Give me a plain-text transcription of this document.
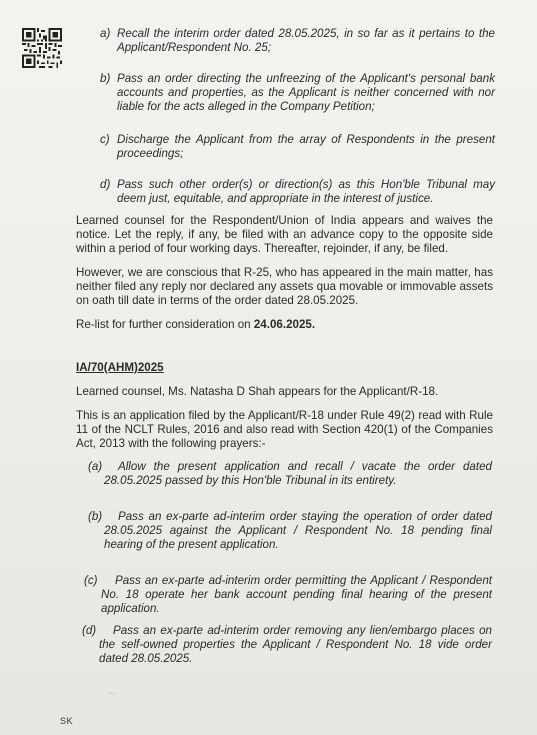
a) Recall the interim order dated 28.05.2025, in so far as it pertains to the Applicant/Respondent No. 25;
b) Pass an order directing the unfreezing of the Applicant's personal bank accounts and properties, as the Applicant is neither concerned with nor liable for the acts alleged in the Company Petition;
c) Discharge the Applicant from the array of Respondents in the present proceedings;
d) Pass such other order(s) or direction(s) as this Hon'ble Tribunal may deem just, equitable, and appropriate in the interest of justice.
Learned counsel for the Respondent/Union of India appears and waives the notice. Let the reply, if any, be filed with an advance copy to the opposite side within a period of four working days. Thereafter, rejoinder, if any, be filed.
However, we are conscious that R-25, who has appeared in the main matter, has neither filed any reply nor declared any assets qua movable or immovable assets on oath till date in terms of the order dated 28.05.2025.
Re-list for further consideration on 24.06.2025.
IA/70(AHM)2025
Learned counsel, Ms. Natasha D Shah appears for the Applicant/R-18.
This is an application filed by the Applicant/R-18 under Rule 49(2) read with Rule 11 of the NCLT Rules, 2016 and also read with Section 420(1) of the Companies Act, 2013 with the following prayers:-
(a)	Allow the present application and recall / vacate the order dated 28.05.2025 passed by this Hon'ble Tribunal in its entirety.
(b)	Pass an ex-parte ad-interim order staying the operation of order dated 28.05.2025 against the Applicant / Respondent No. 18 pending final hearing of the present application.
(c)	Pass an ex-parte ad-interim order permitting the Applicant / Respondent No. 18 operate her bank account pending final hearing of the present application.
(d)	Pass an ex-parte ad-interim order removing any lien/embargo places on the self-owned properties the Applicant / Respondent No. 18 vide order dated 28.05.2025.
~·
SK
